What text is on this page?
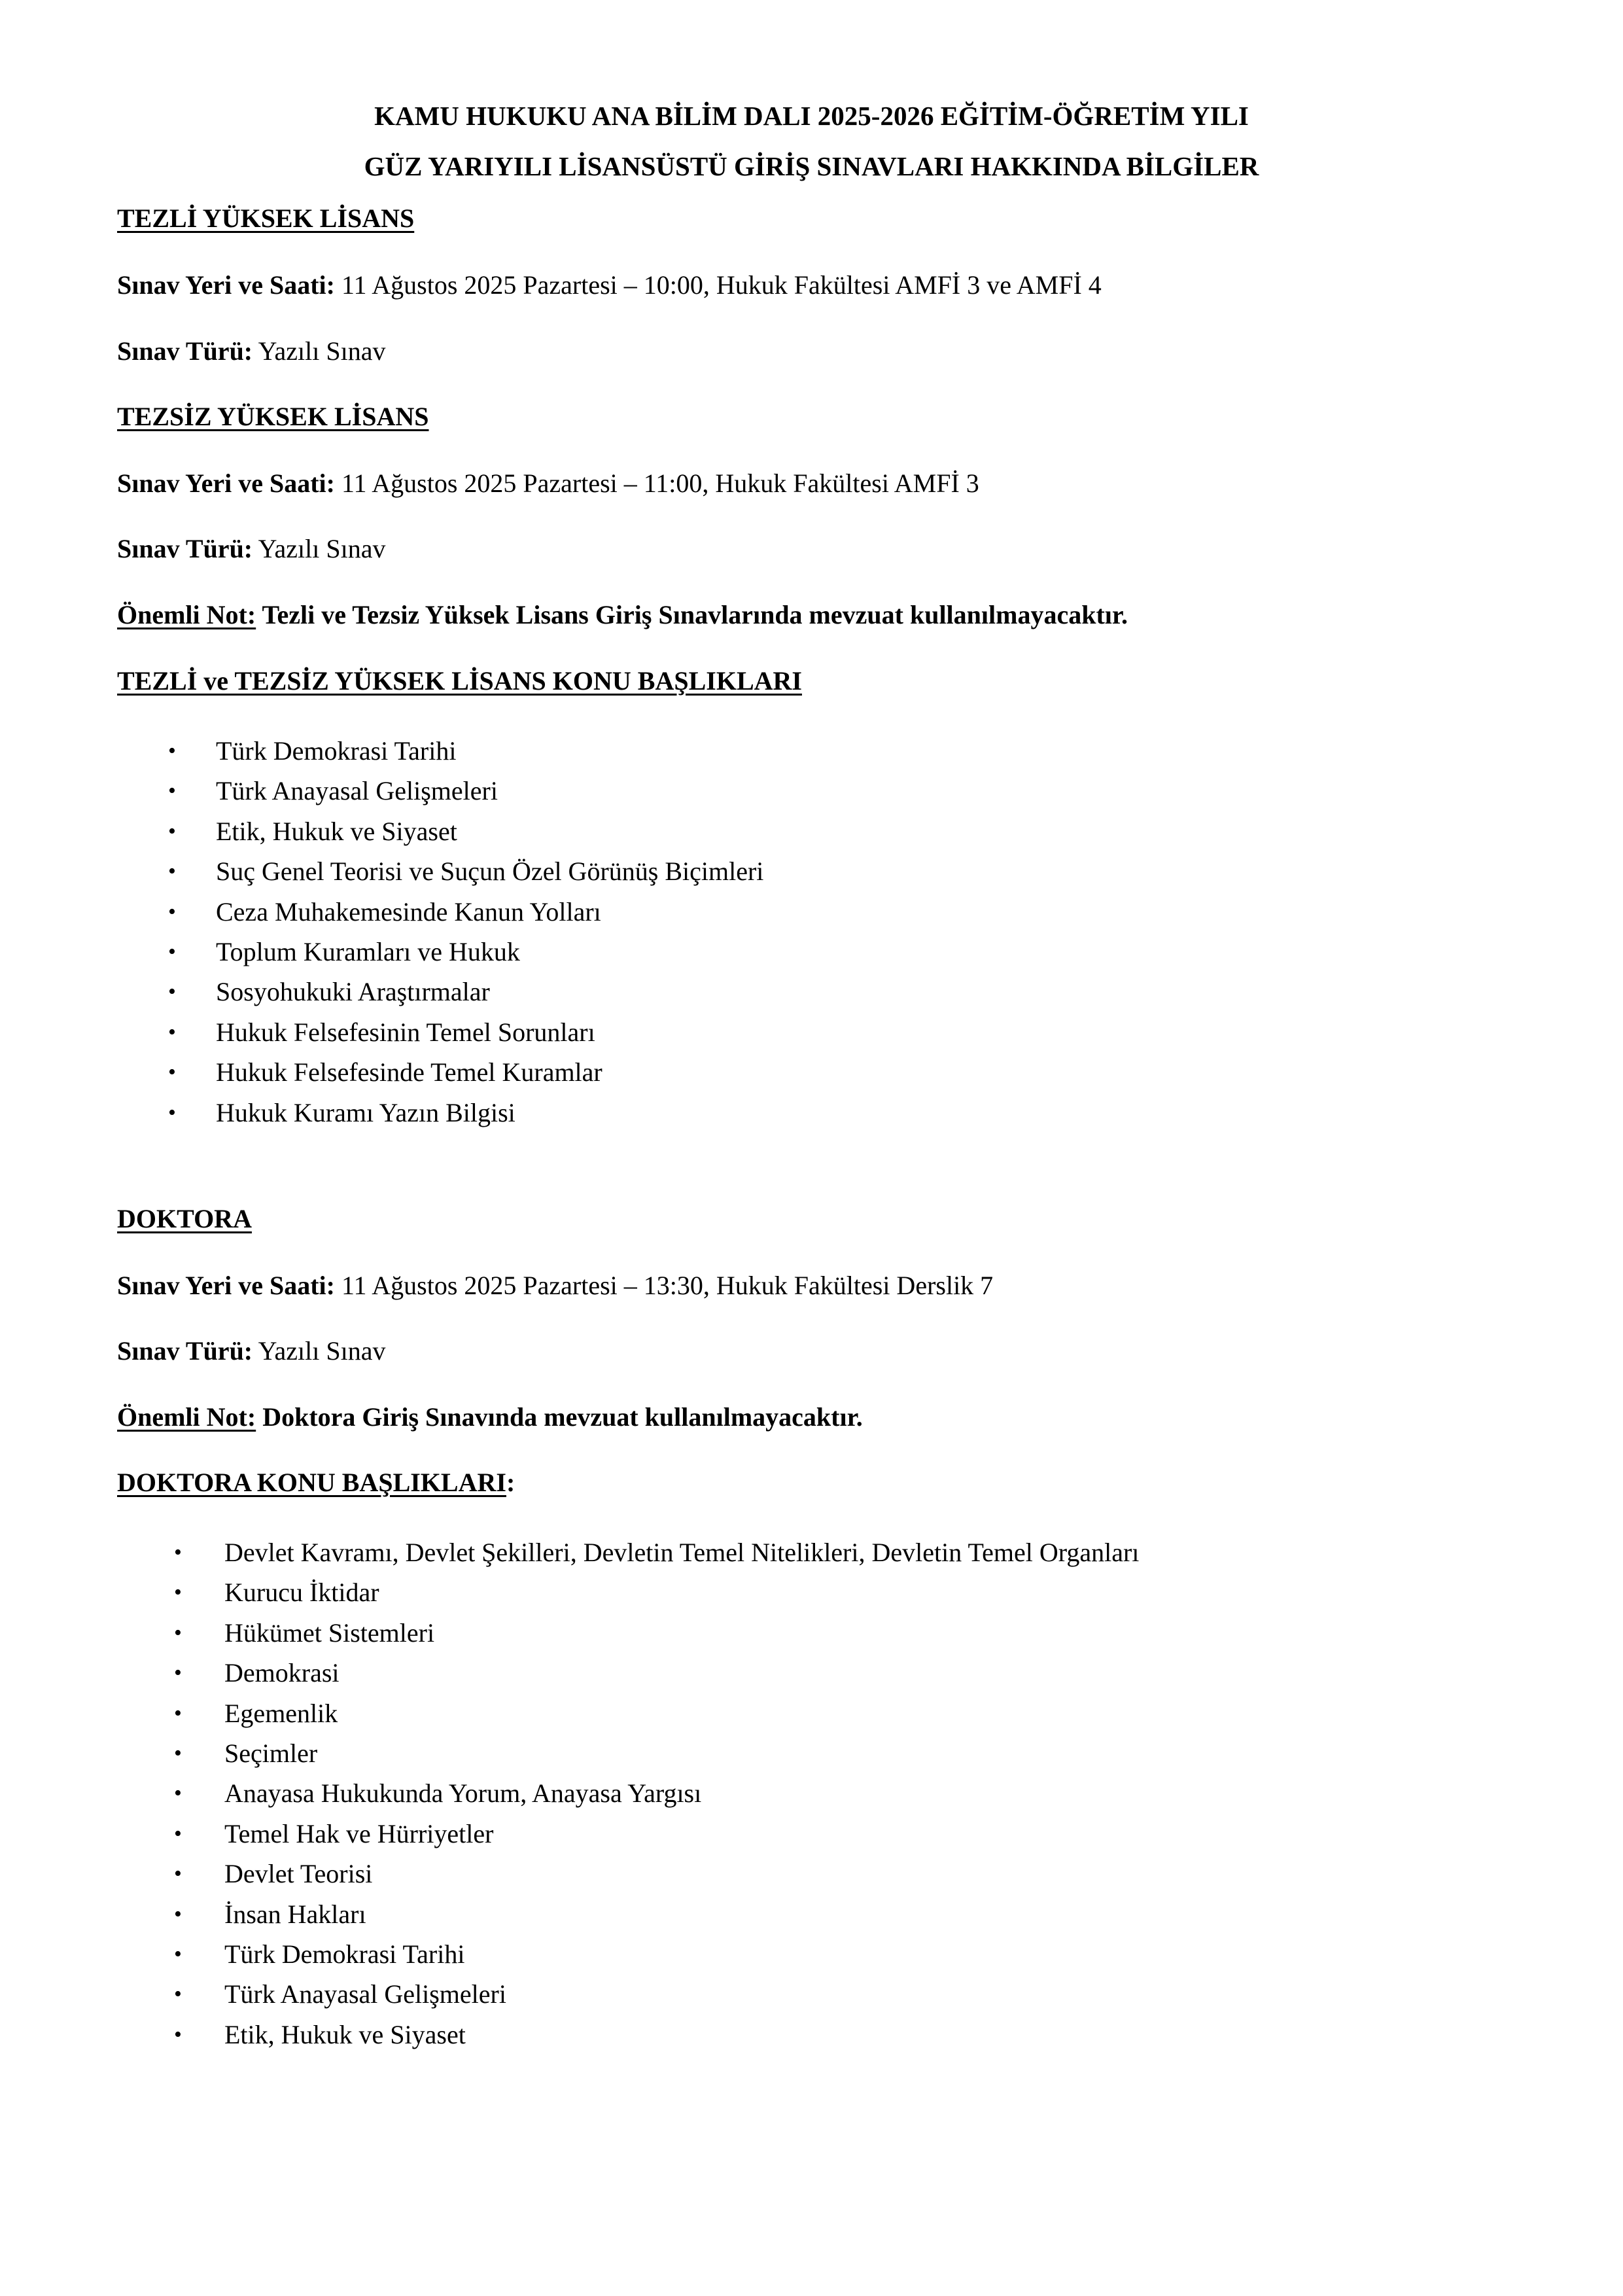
KAMU HUKUKU ANA BİLİM DALI 2025-2026 EĞİTİM-ÖĞRETİM YILI
GÜZ YARIYILI LİSANSÜSTÜ GİRİŞ SINAVLARI HAKKINDA BİLGİLER
TEZLİ YÜKSEK LİSANS
Sınav Yeri ve Saati: 11 Ağustos 2025 Pazartesi – 10:00, Hukuk Fakültesi AMFİ 3 ve AMFİ 4
Sınav Türü: Yazılı Sınav
TEZSİZ YÜKSEK LİSANS
Sınav Yeri ve Saati: 11 Ağustos 2025 Pazartesi – 11:00, Hukuk Fakültesi AMFİ 3
Sınav Türü: Yazılı Sınav
Önemli Not: Tezli ve Tezsiz Yüksek Lisans Giriş Sınavlarında mevzuat kullanılmayacaktır.
TEZLİ ve TEZSİZ YÜKSEK LİSANS KONU BAŞLIKLARI
• Türk Demokrasi Tarihi
• Türk Anayasal Gelişmeleri
• Etik, Hukuk ve Siyaset
• Suç Genel Teorisi ve Suçun Özel Görünüş Biçimleri
• Ceza Muhakemesinde Kanun Yolları
• Toplum Kuramları ve Hukuk
• Sosyohukuki Araştırmalar
• Hukuk Felsefesinin Temel Sorunları
• Hukuk Felsefesinde Temel Kuramlar
• Hukuk Kuramı Yazın Bilgisi
DOKTORA
Sınav Yeri ve Saati: 11 Ağustos 2025 Pazartesi – 13:30, Hukuk Fakültesi Derslik 7
Sınav Türü: Yazılı Sınav
Önemli Not: Doktora Giriş Sınavında mevzuat kullanılmayacaktır.
DOKTORA KONU BAŞLIKLARI:
• Devlet Kavramı, Devlet Şekilleri, Devletin Temel Nitelikleri, Devletin Temel Organları
• Kurucu İktidar
• Hükümet Sistemleri
• Demokrasi
• Egemenlik
• Seçimler
• Anayasa Hukukunda Yorum, Anayasa Yargısı
• Temel Hak ve Hürriyetler
• Devlet Teorisi
• İnsan Hakları
• Türk Demokrasi Tarihi
• Türk Anayasal Gelişmeleri
• Etik, Hukuk ve Siyaset
